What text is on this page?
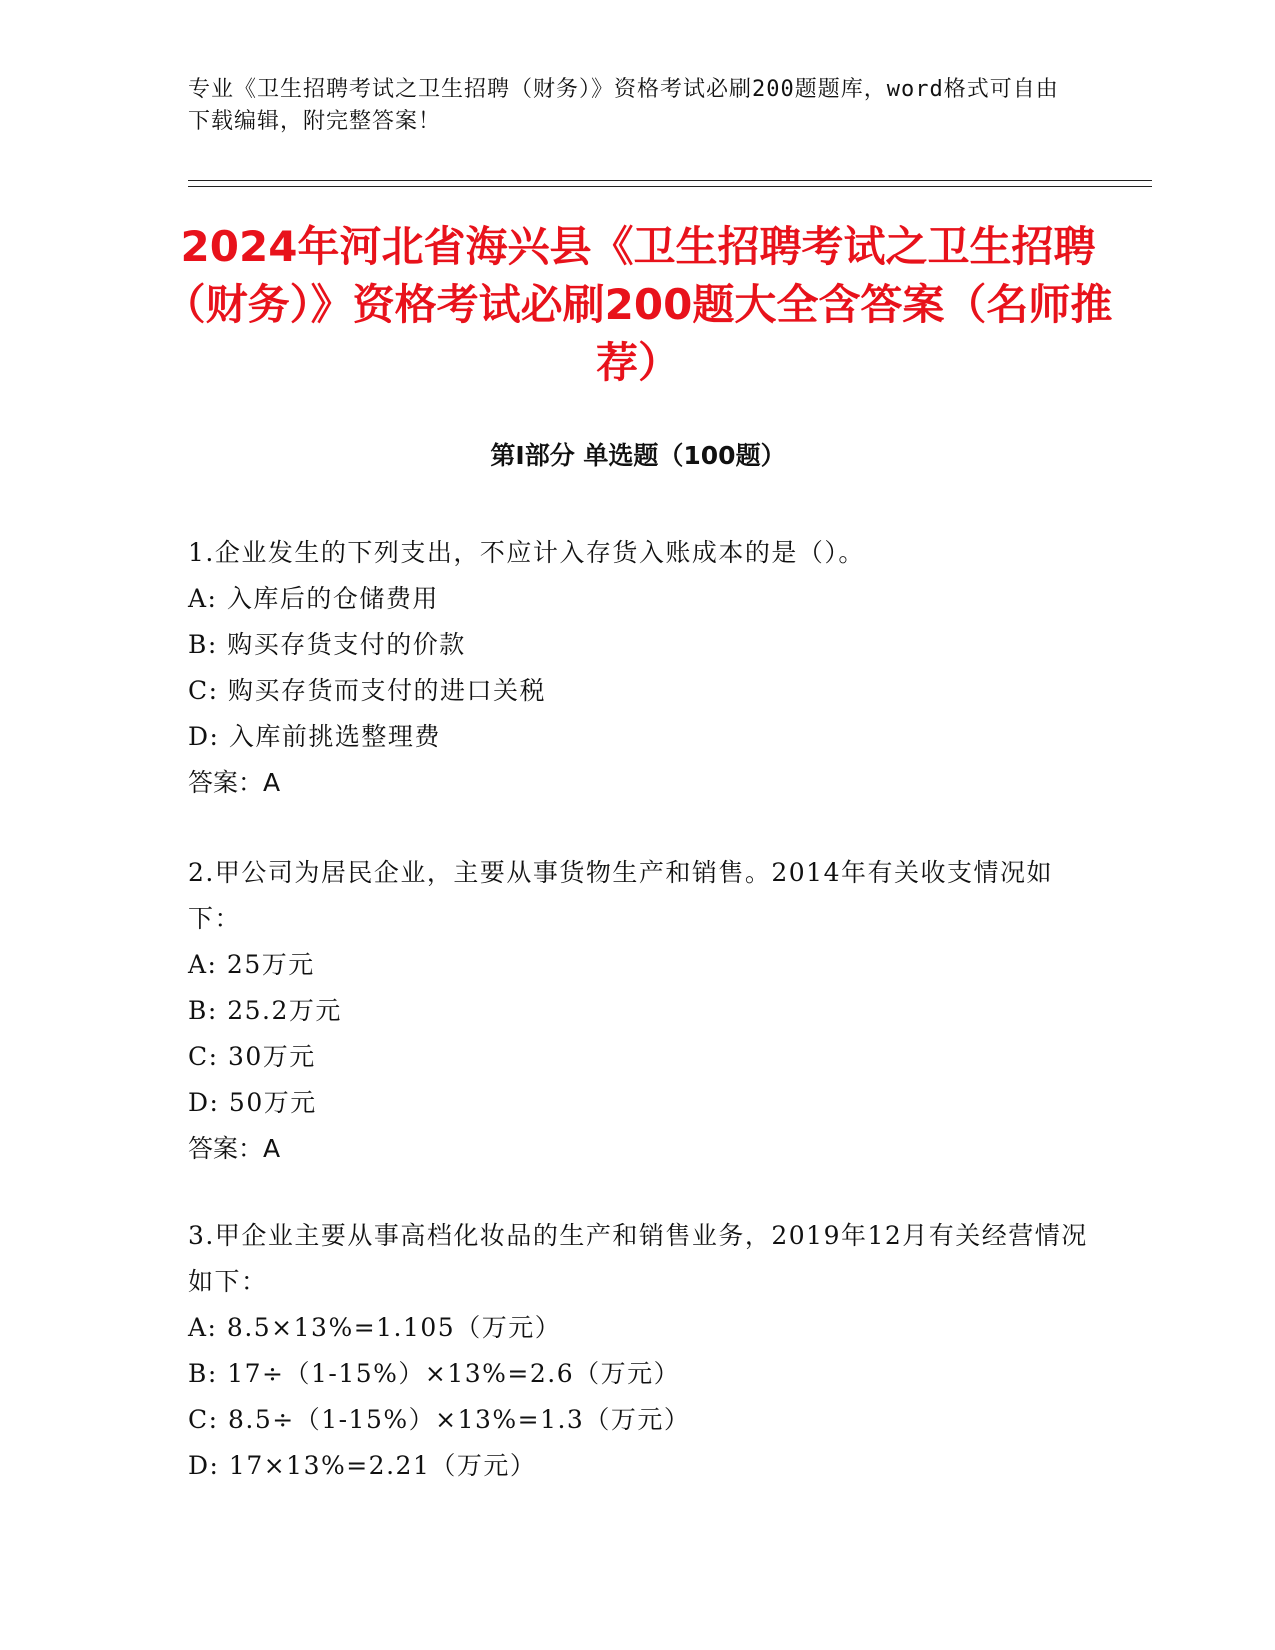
专业《卫生招聘考试之卫生招聘（财务）》资格考试必刷200题题库，word格式可自由下载编辑，附完整答案！
2024年河北省海兴县《卫生招聘考试之卫生招聘（财务）》资格考试必刷200题大全含答案（名师推荐）
第I部分 单选题（100题）

1.企业发生的下列支出，不应计入存货入账成本的是（）。

A: 入库后的仓储费用
B: 购买存货支付的价款
C: 购买存货而支付的进口关税
D: 入库前挑选整理费

答案：A

2.甲公司为居民企业，主要从事货物生产和销售。2014年有关收支情况如下：

A: 25万元
B: 25.2万元
C: 30万元
D: 50万元

答案：A

3.甲企业主要从事高档化妆品的生产和销售业务，2019年12月有关经营情况如下：

A: 8.5×13%=1.105（万元）
B: 17÷（1-15%）×13%=2.6（万元）
C: 8.5÷（1-15%）×13%=1.3（万元）
D: 17×13%=2.21（万元）
